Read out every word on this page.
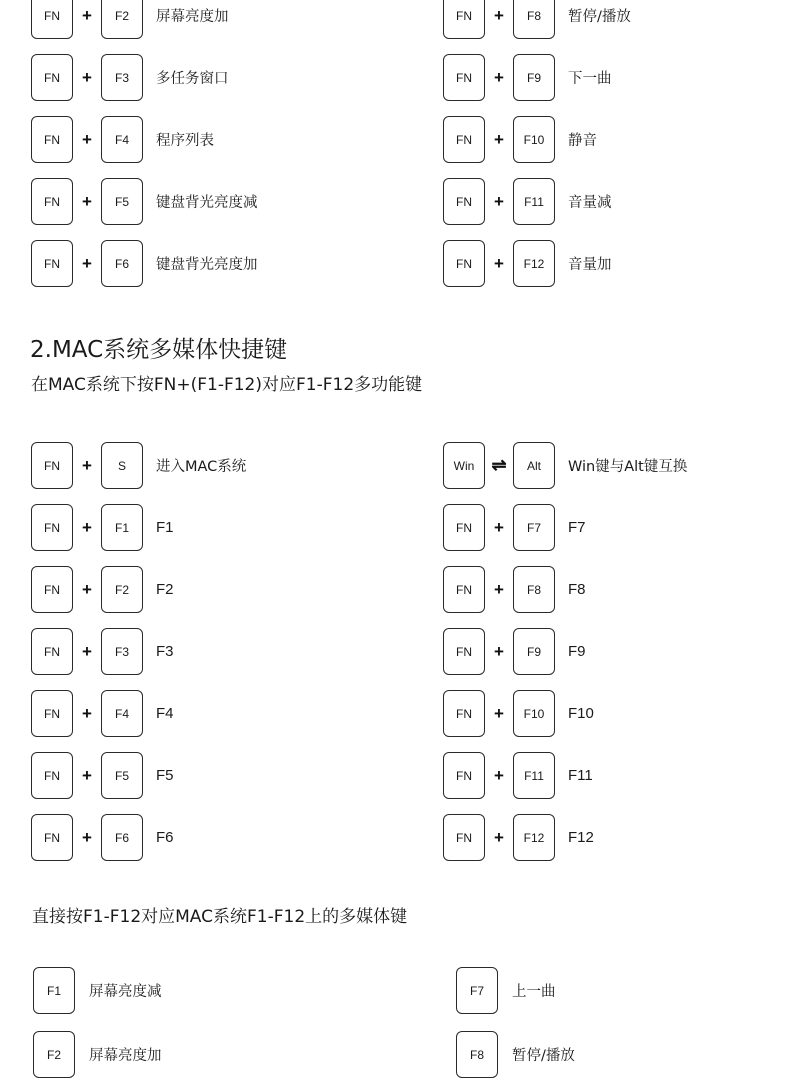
FN	+	F2	屏幕亮度加
FN	+	F3	多任务窗口
FN	+	F4	程序列表
FN	+	F5	键盘背光亮度减
FN	+	F6	键盘背光亮度加
FN	+	F8	暂停/播放
FN	+	F9	下一曲
FN	+	F10	静音
FN	+	F11	音量减
FN	+	F12	音量加
2.MAC系统多媒体快捷键
在MAC系统下按FN+(F1-F12)对应F1-F12多功能键
FN	+	S	进入MAC系统
FN	+	F1	F1
FN	+	F2	F2
FN	+	F3	F3
FN	+	F4	F4
FN	+	F5	F5
FN	+	F6	F6
Win ⇌	Alt	Win键与Alt键互换
FN	+	F7	F7
FN	+	F8	F8
FN	+	F9	F9
FN	+	F10	F10
FN	+	F11	F11
FN	+	F12	F12
直接按F1-F12对应MAC系统F1-F12上的多媒体键
F1	屏幕亮度减
F2	屏幕亮度加
F7	上一曲
F8	暂停/播放
